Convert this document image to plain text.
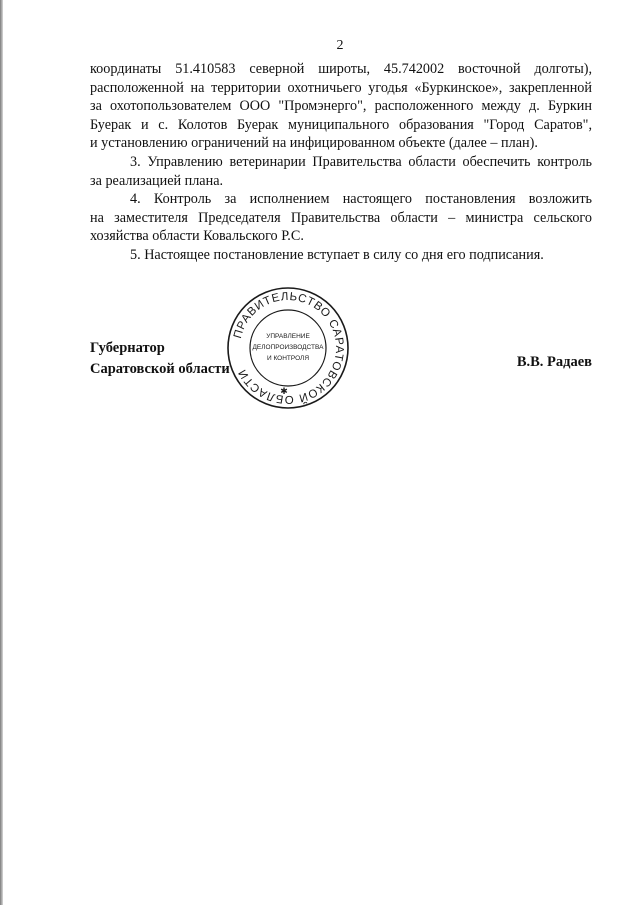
2

координаты 51.410583 северной широты, 45.742002 восточной долготы),
расположенной на территории охотничьего угодья «Буркинское», закрепленной
за охотопользователем ООО "Промэнерго", расположенного между д. Буркин
Буерак и с. Колотов Буерак муниципального образования "Город Саратов",
и установлению ограничений на инфицированном объекте (далее – план).

3. Управлению ветеринарии Правительства области обеспечить контроль
за реализацией плана.

4. Контроль за исполнением настоящего постановления возложить
на заместителя Председателя Правительства области – министра сельского
хозяйства области Ковальского Р.С.

5. Настоящее постановление вступает в силу со дня его подписания.

Губернатор
Саратовской области	В.В. Радаев
ПРАВИТЕЛЬСТВО САРАТОВСКОЙ ОБЛАСТИ
УПРАВЛЕНИЕ
ДЕЛОПРОИЗВОДСТВА
И КОНТРОЛЯ
✱
